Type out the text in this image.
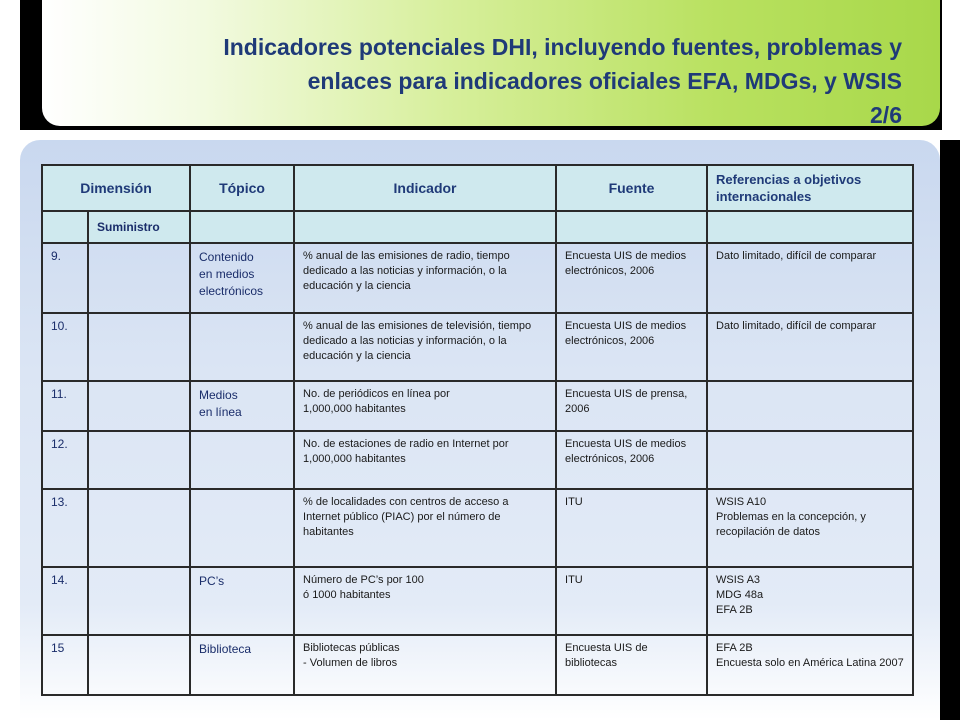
Indicadores potenciales DHI, incluyendo fuentes, problemas y
enlaces para indicadores oficiales EFA, MDGs, y WSIS
2/6
Dimensión		Tópico	Indicador	Fuente	Referencias a objetivos internacionales
	Suministro				
9.		Contenido
en medios
electrónicos	% anual de las emisiones de radio, tiempo dedicado a las noticias y información, o la educación y la ciencia	Encuesta UIS de medios electrónicos, 2006	Dato limitado, difícil de comparar

10.			% anual de las emisiones de televisión, tiempo dedicado a las noticias y información, o la educación y la ciencia	Encuesta UIS de medios electrónicos, 2006	Dato limitado, difícil de comparar

11.		Medios
en línea	No. de periódicos en línea por
1,000,000 habitantes	Encuesta UIS de prensa, 2006	

12.			No. de estaciones de radio en Internet por 1,000,000 habitantes	Encuesta UIS de medios electrónicos, 2006	

13.			% de localidades con centros de acceso a Internet público (PIAC) por el número de habitantes	ITU	WSIS A10
Problemas en la concepción, y recopilación de datos

14.		PC’s	Número de PC’s por 100
ó 1000 habitantes	ITU	WSIS A3
MDG 48a
EFA 2B

15		Biblioteca	Bibliotecas públicas
- Volumen de libros	Encuesta UIS de bibliotecas	EFA 2B
Encuesta solo en América Latina 2007
